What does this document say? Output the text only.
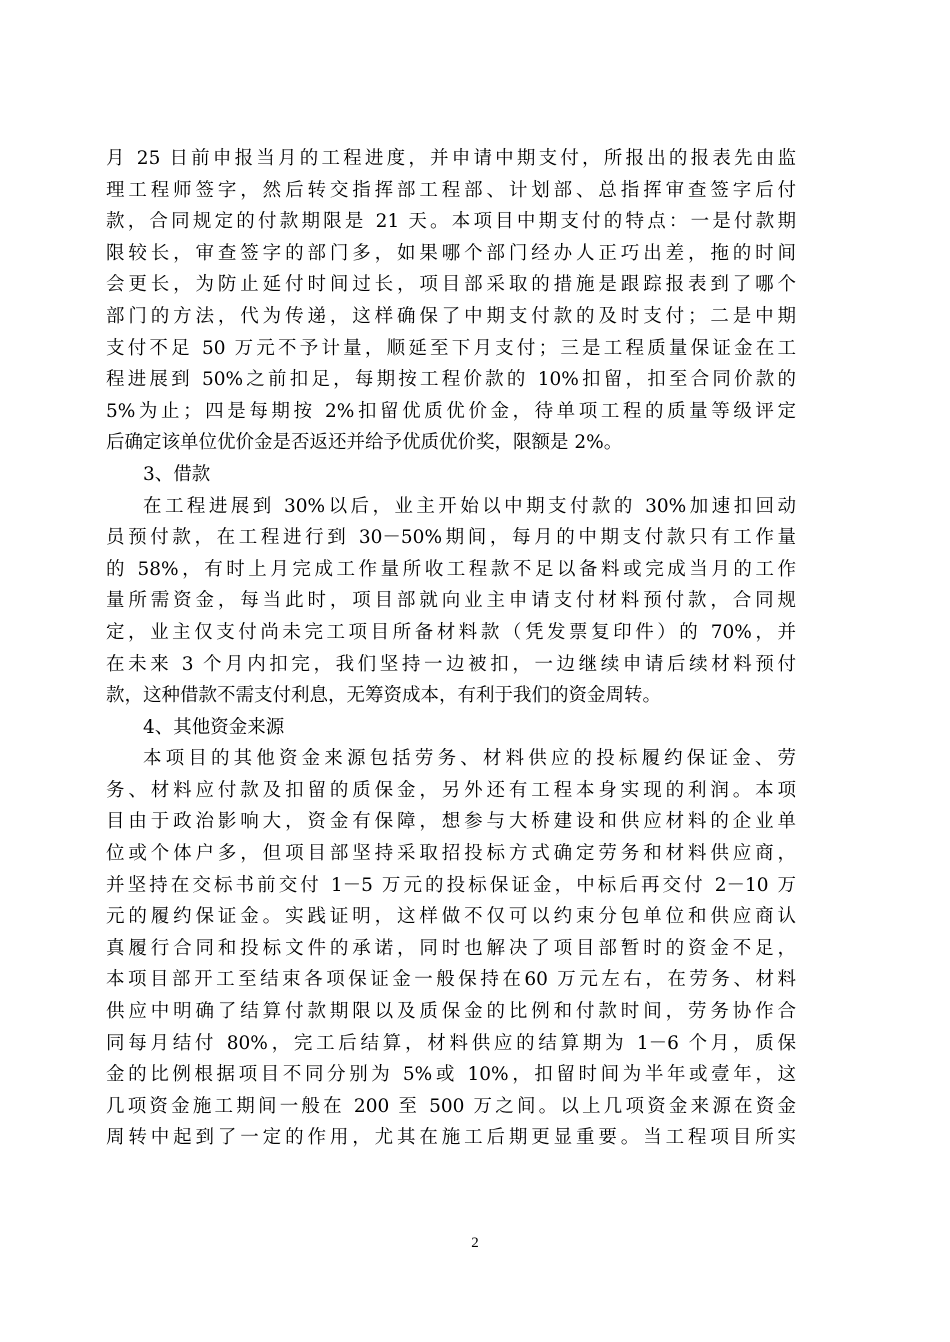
月 25 日前申报当月的工程进度，并申请中期支付，所报出的报表先由监
理工程师签字，然后转交指挥部工程部、计划部、总指挥审查签字后付
款，合同规定的付款期限是 21 天。本项目中期支付的特点：一是付款期
限较长，审查签字的部门多，如果哪个部门经办人正巧出差，拖的时间
会更长，为防止延付时间过长，项目部采取的措施是跟踪报表到了哪个
部门的方法，代为传递，这样确保了中期支付款的及时支付；二是中期
支付不足 50 万元不予计量，顺延至下月支付；三是工程质量保证金在工
程进展到 50%之前扣足，每期按工程价款的 10%扣留，扣至合同价款的
5%为止；四是每期按 2%扣留优质优价金，待单项工程的质量等级评定
后确定该单位优价金是否返还并给予优质优价奖，限额是 2%。
3、借款
在工程进展到 30%以后，业主开始以中期支付款的 30%加速扣回动
员预付款，在工程进行到 30－50%期间，每月的中期支付款只有工作量
的 58%，有时上月完成工作量所收工程款不足以备料或完成当月的工作
量所需资金，每当此时，项目部就向业主申请支付材料预付款，合同规
定，业主仅支付尚未完工项目所备材料款（凭发票复印件）的 70%，并
在未来 3 个月内扣完，我们坚持一边被扣，一边继续申请后续材料预付
款，这种借款不需支付利息，无筹资成本，有利于我们的资金周转。
4、其他资金来源
本项目的其他资金来源包括劳务、材料供应的投标履约保证金、劳
务、材料应付款及扣留的质保金，另外还有工程本身实现的利润。本项
目由于政治影响大，资金有保障，想参与大桥建设和供应材料的企业单
位或个体户多，但项目部坚持采取招投标方式确定劳务和材料供应商，
并坚持在交标书前交付 1－5 万元的投标保证金，中标后再交付 2－10 万
元的履约保证金。实践证明，这样做不仅可以约束分包单位和供应商认
真履行合同和投标文件的承诺，同时也解决了项目部暂时的资金不足，
本项目部开工至结束各项保证金一般保持在60 万元左右，在劳务、材料
供应中明确了结算付款期限以及质保金的比例和付款时间，劳务协作合
同每月结付 80%，完工后结算，材料供应的结算期为 1－6 个月，质保
金的比例根据项目不同分别为 5%或 10%，扣留时间为半年或壹年，这
几项资金施工期间一般在 200 至 500 万之间。以上几项资金来源在资金
周转中起到了一定的作用，尤其在施工后期更显重要。当工程项目所实
2
